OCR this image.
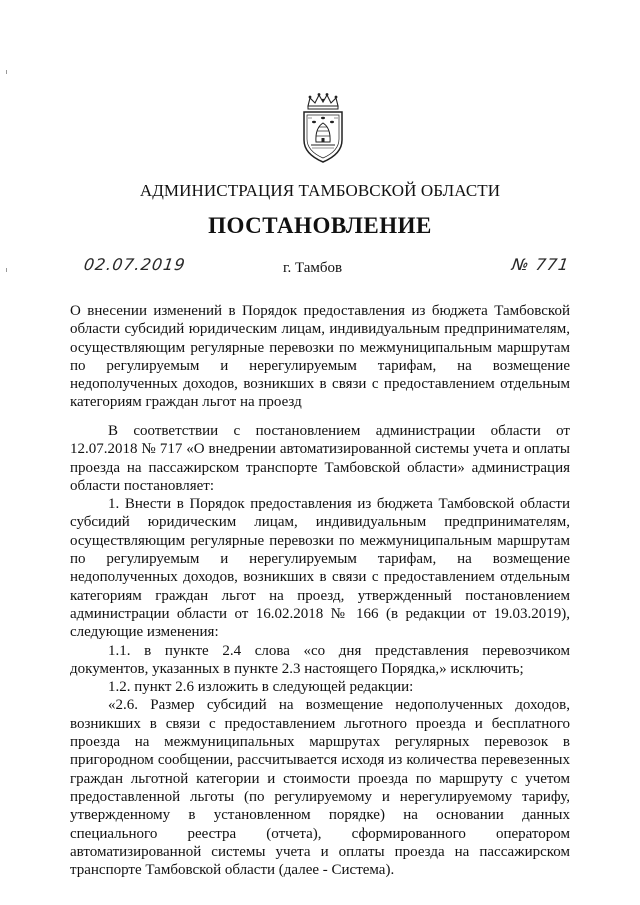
АДМИНИСТРАЦИЯ ТАМБОВСКОЙ ОБЛАСТИ
ПОСТАНОВЛЕНИЕ
02.07.2019	г. Тамбов	№ 771
О внесении изменений в Порядок предоставления из бюджета Тамбовской области субсидий юридическим лицам, индивидуальным предпринимателям, осуществляющим регулярные перевозки по межмуниципальным маршрутам по регулируемым и нерегулируемым тарифам, на возмещение недополученных доходов, возникших в связи с предоставлением отдельным категориям граждан льгот на проезд

В соответствии с постановлением администрации области от 12.07.2018 № 717 «О внедрении автоматизированной системы учета и оплаты проезда на пассажирском транспорте Тамбовской области» администрация области постановляет:

1. Внести в Порядок предоставления из бюджета Тамбовской области субсидий юридическим лицам, индивидуальным предпринимателям, осуществляющим регулярные перевозки по межмуниципальным маршрутам по регулируемым и нерегулируемым тарифам, на возмещение недополученных доходов, возникших в связи с предоставлением отдельным категориям граждан льгот на проезд, утвержденный постановлением администрации области от 16.02.2018 № 166 (в редакции от 19.03.2019), следующие изменения:

1.1. в пункте 2.4 слова «со дня представления перевозчиком документов, указанных в пункте 2.3 настоящего Порядка,» исключить;

1.2. пункт 2.6 изложить в следующей редакции:

«2.6. Размер субсидий на возмещение недополученных доходов, возникших в связи с предоставлением льготного проезда и бесплатного проезда на межмуниципальных маршрутах регулярных перевозок в пригородном сообщении, рассчитывается исходя из количества перевезенных граждан льготной категории и стоимости проезда по маршруту с учетом предоставленной льготы (по регулируемому и нерегулируемому тарифу, утвержденному в установленном порядке) на основании данных специального реестра (отчета), сформированного оператором автоматизированной системы учета и оплаты проезда на пассажирском транспорте Тамбовской области (далее - Система).
